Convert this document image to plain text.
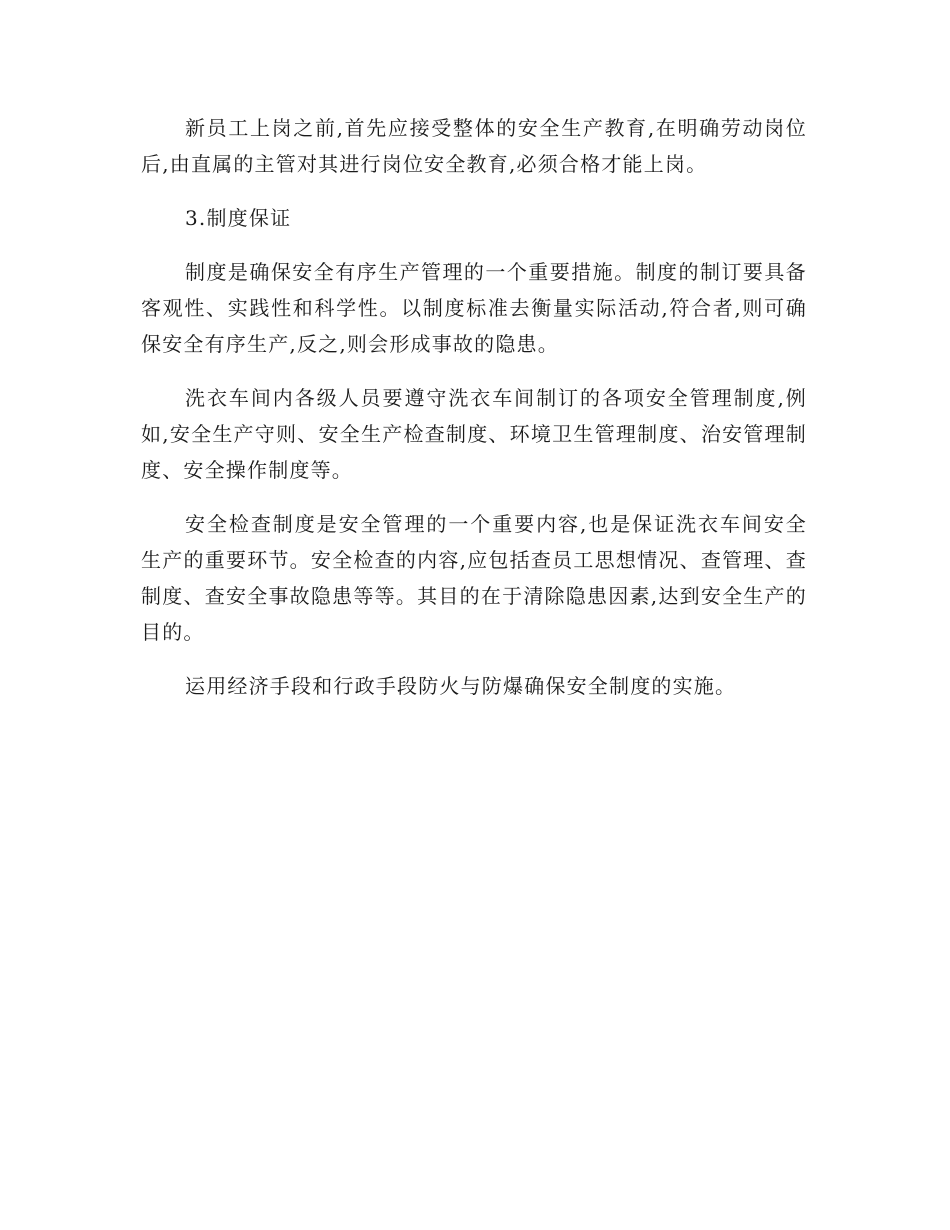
新员工上岗之前,首先应接受整体的安全生产教育,在明确劳动岗位后,由直属的主管对其进行岗位安全教育,必须合格才能上岗。

3.制度保证

制度是确保安全有序生产管理的一个重要措施。制度的制订要具备客观性、实践性和科学性。以制度标准去衡量实际活动,符合者,则可确保安全有序生产,反之,则会形成事故的隐患。

洗衣车间内各级人员要遵守洗衣车间制订的各项安全管理制度,例如,安全生产守则、安全生产检查制度、环境卫生管理制度、治安管理制度、安全操作制度等。

安全检查制度是安全管理的一个重要内容,也是保证洗衣车间安全生产的重要环节。安全检查的内容,应包括查员工思想情况、查管理、查制度、查安全事故隐患等等。其目的在于清除隐患因素,达到安全生产的目的。

运用经济手段和行政手段防火与防爆确保安全制度的实施。
